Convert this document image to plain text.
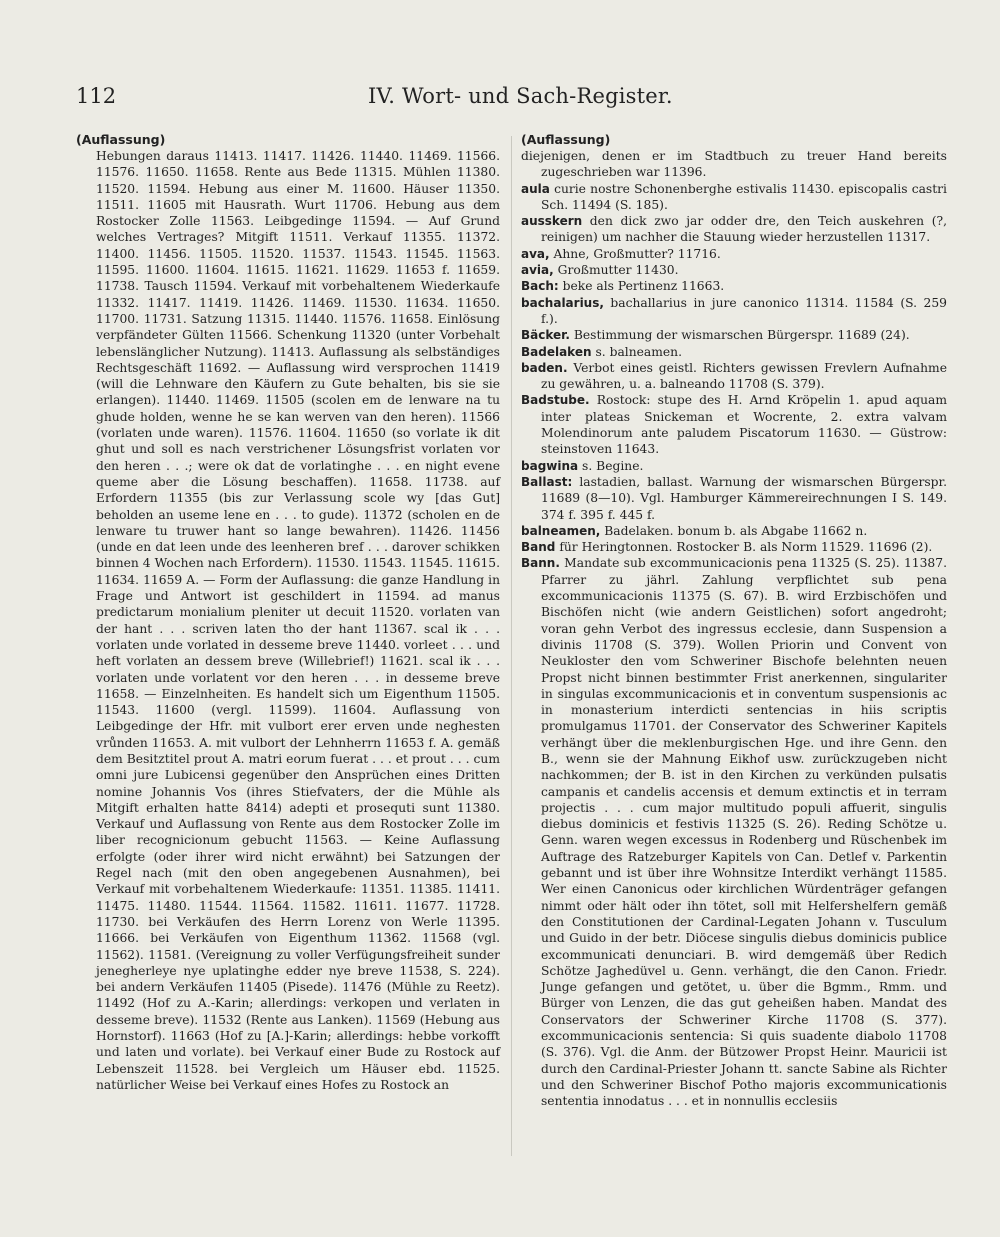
112	IV. Wort- und Sach-Register.
(Auflassung)

Hebungen daraus 11413. 11417. 11426. 11440. 11469. 11566. 11576. 11650. 11658. Rente aus Bede 11315. Mühlen 11380. 11520. 11594. Hebung aus einer M. 11600. Häuser 11350. 11511. 11605 mit Hausrath. Wurt 11706. Hebung aus dem Rostocker Zolle 11563. Leibgedinge 11594. — Auf Grund welches Vertrages? Mitgift 11511. Verkauf 11355. 11372. 11400. 11456. 11505. 11520. 11537. 11543. 11545. 11563. 11595. 11600. 11604. 11615. 11621. 11629. 11653 f. 11659. 11738. Tausch 11594. Verkauf mit vorbehaltenem Wiederkaufe 11332. 11417. 11419. 11426. 11469. 11530. 11634. 11650. 11700. 11731. Satzung 11315. 11440. 11576. 11658. Einlösung verpfändeter Gülten 11566. Schenkung 11320 (unter Vorbehalt lebenslänglicher Nutzung). 11413. Auflassung als selbständiges Rechtsgeschäft 11692. — Auflassung wird versprochen 11419 (will die Lehnware den Käufern zu Gute behalten, bis sie sie erlangen). 11440. 11469. 11505 (scolen em de lenware na tu ghude holden, wenne he se kan werven van den heren). 11566 (vorlaten unde waren). 11576. 11604. 11650 (so vorlate ik dit ghut und soll es nach verstrichener Lösungsfrist vorlaten vor den heren . . .; were ok dat de vorlatinghe . . . en night evene queme aber die Lösung beschaffen). 11658. 11738. auf Erfordern 11355 (bis zur Verlassung scole wy [das Gut] beholden an useme lene en . . . to gude). 11372 (scholen en de lenware tu truwer hant so lange bewahren). 11426. 11456 (unde en dat leen unde des leenheren bref . . . darover schikken binnen 4 Wochen nach Erfordern). 11530. 11543. 11545. 11615. 11634. 11659 A. — Form der Auflassung: die ganze Handlung in Frage und Antwort ist geschildert in 11594. ad manus predictarum monialium pleniter ut decuit 11520. vorlaten van der hant . . . scriven laten tho der hant 11367. scal ik . . . vorlaten unde vorlated in desseme breve 11440. vorleet . . . und heft vorlaten an dessem breve (Willebrief!) 11621. scal ik . . . vorlaten unde vorlatent vor den heren . . . in desseme breve 11658. — Einzelnheiten. Es handelt sich um Eigenthum 11505. 11543. 11600 (vergl. 11599). 11604. Auflassung von Leibgedinge der Hfr. mit vulbort erer erven unde neghesten vrůnden 11653. A. mit vulbort der Lehnherrn 11653 f. A. gemäß dem Besitztitel prout A. matri eorum fuerat . . . et prout . . . cum omni jure Lubicensi gegenüber den Ansprüchen eines Dritten nomine Johannis Vos (ihres Stiefvaters, der die Mühle als Mitgift erhalten hatte 8414) adepti et prosequti sunt 11380. Verkauf und Auflassung von Rente aus dem Rostocker Zolle im liber recognicionum gebucht 11563. — Keine Auflassung erfolgte (oder ihrer wird nicht erwähnt) bei Satzungen der Regel nach (mit den oben angegebenen Ausnahmen), bei Verkauf mit vorbehaltenem Wiederkaufe: 11351. 11385. 11411. 11475. 11480. 11544. 11564. 11582. 11611. 11677. 11728. 11730. bei Verkäufen des Herrn Lorenz von Werle 11395. 11666. bei Verkäufen von Eigenthum 11362. 11568 (vgl. 11562). 11581. (Vereignung zu voller Verfügungsfreiheit sunder jenegherleye nye uplatinghe edder nye breve 11538, S. 224). bei andern Verkäufen 11405 (Pisede). 11476 (Mühle zu Reetz). 11492 (Hof zu A.-Karin; allerdings: verkopen und verlaten in desseme breve). 11532 (Rente aus Lanken). 11569 (Hebung aus Hornstorf). 11663 (Hof zu [A.]-Karin; allerdings: hebbe vorkofft und laten und vorlate). bei Verkauf einer Bude zu Rostock auf Lebenszeit 11528. bei Vergleich um Häuser ebd. 11525. natürlicher Weise bei Verkauf eines Hofes zu Rostock an

(Auflassung)

diejenigen, denen er im Stadtbuch zu treuer Hand bereits zugeschrieben war 11396.

aula curie nostre Schonenberghe estivalis 11430. episcopalis castri Sch. 11494 (S. 185).

ausskern den dick zwo jar odder dre, den Teich auskehren (?, reinigen) um nachher die Stauung wieder herzustellen 11317.

ava, Ahne, Großmutter? 11716.

avia, Großmutter 11430.

Bach: beke als Pertinenz 11663.

bachalarius, bachallarius in jure canonico 11314. 11584 (S. 259 f.).

Bäcker. Bestimmung der wismarschen Bürgerspr. 11689 (24).

Badelaken s. balneamen.

baden. Verbot eines geistl. Richters gewissen Frevlern Aufnahme zu gewähren, u. a. balneando 11708 (S. 379).

Badstube. Rostock: stupe des H. Arnd Kröpelin 1. apud aquam inter plateas Snickeman et Wocrente, 2. extra valvam Molendinorum ante paludem Piscatorum 11630. — Güstrow: steinstoven 11643.

bagwina s. Begine.

Ballast: lastadien, ballast. Warnung der wismarschen Bürgerspr. 11689 (8—10). Vgl. Hamburger Kämmereirechnungen I S. 149. 374 f. 395 f. 445 f.

balneamen, Badelaken. bonum b. als Abgabe 11662 n.

Band für Heringtonnen. Rostocker B. als Norm 11529. 11696 (2).

Bann. Mandate sub excommunicacionis pena 11325 (S. 25). 11387. Pfarrer zu jährl. Zahlung verpflichtet sub pena excommunicacionis 11375 (S. 67). B. wird Erzbischöfen und Bischöfen nicht (wie andern Geistlichen) sofort angedroht; voran gehn Verbot des ingressus ecclesie, dann Suspension a divinis 11708 (S. 379). Wollen Priorin und Convent von Neukloster den vom Schweriner Bischofe belehnten neuen Propst nicht binnen bestimmter Frist anerkennen, singulariter in singulas excommunicacionis et in conventum suspensionis ac in monasterium interdicti sentencias in hiis scriptis promulgamus 11701. der Conservator des Schweriner Kapitels verhängt über die meklenburgischen Hge. und ihre Genn. den B., wenn sie der Mahnung Eikhof usw. zurückzugeben nicht nachkommen; der B. ist in den Kirchen zu verkünden pulsatis campanis et candelis accensis et demum extinctis et in terram projectis . . . cum major multitudo populi affuerit, singulis diebus dominicis et festivis 11325 (S. 26). Reding Schötze u. Genn. waren wegen excessus in Rodenberg und Rüschenbek im Auftrage des Ratzeburger Kapitels von Can. Detlef v. Parkentin gebannt und ist über ihre Wohnsitze Interdikt verhängt 11585. Wer einen Canonicus oder kirchlichen Würdenträger gefangen nimmt oder hält oder ihn tötet, soll mit Helfershelfern gemäß den Constitutionen der Cardinal-Legaten Johann v. Tusculum und Guido in der betr. Diöcese singulis diebus dominicis publice excommunicati denunciari. B. wird demgemäß über Redich Schötze Jaghedüvel u. Genn. verhängt, die den Canon. Friedr. Junge gefangen und getötet, u. über die Bgmm., Rmm. und Bürger von Lenzen, die das gut geheißen haben. Mandat des Conservators der Schweriner Kirche 11708 (S. 377). excommunicacionis sentencia: Si quis suadente diabolo 11708 (S. 376). Vgl. die Anm. der Bützower Propst Heinr. Mauricii ist durch den Cardinal-Priester Johann tt. sancte Sabine als Richter und den Schweriner Bischof Potho majoris excommunicationis sententia innodatus . . . et in nonnullis ecclesiis
